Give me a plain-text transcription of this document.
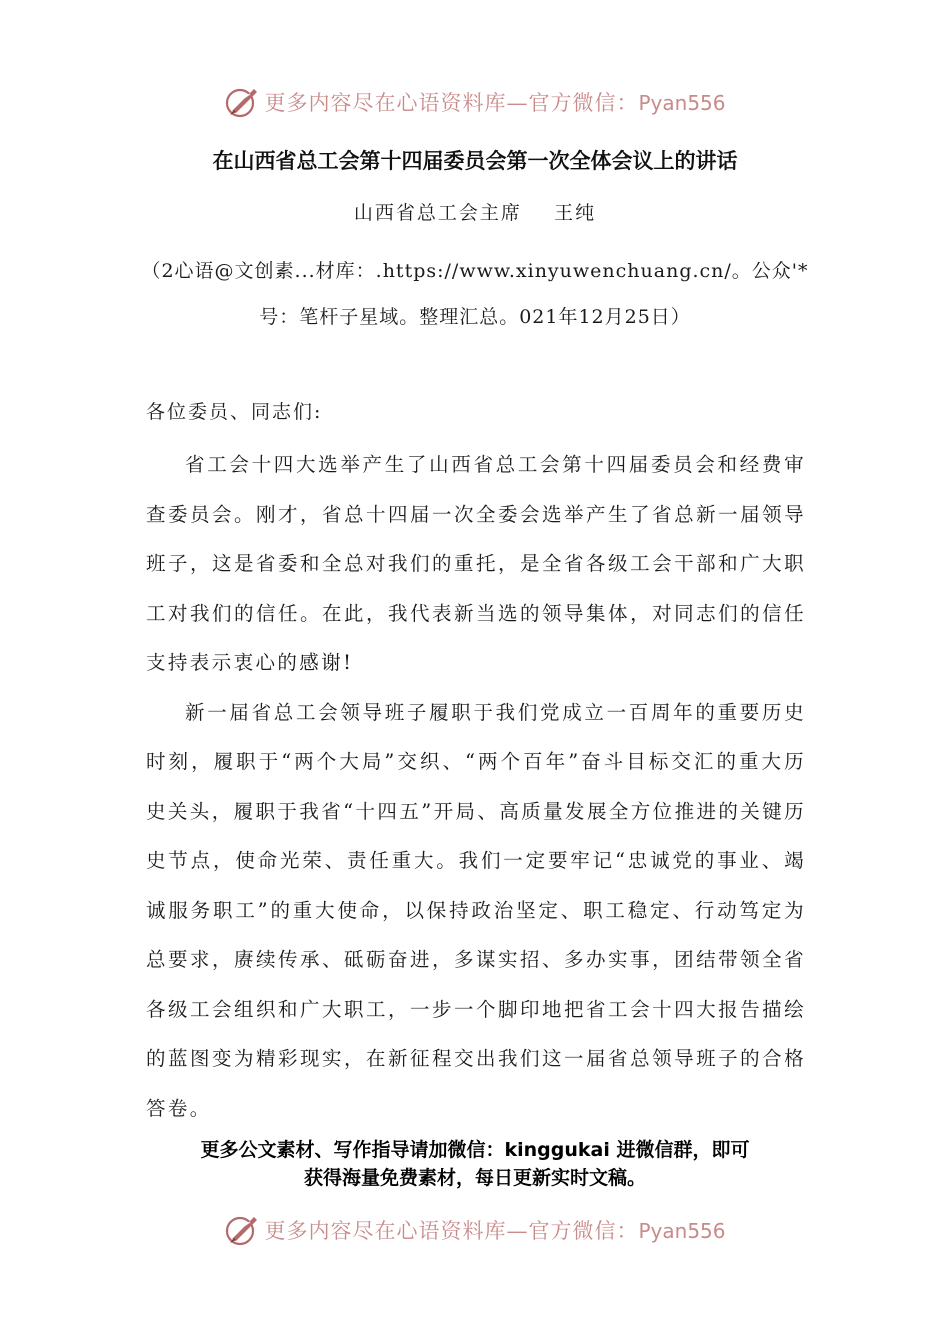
更多内容尽在心语资料库—官方微信：Pyan556
在山西省总工会第十四届委员会第一次全体会议上的讲话
山西省总工会主席    王纯
（2心语@文创素...材库：.https://www.xinyuwenchuang.cn/。公众'*
号：笔杆子星域。整理汇总。021年12月25日）
各位委员、同志们:

省工会十四大选举产生了山西省总工会第十四届委员会和经费审查委员会。刚才，省总十四届一次全委会选举产生了省总新一届领导班子，这是省委和全总对我们的重托，是全省各级工会干部和广大职工对我们的信任。在此，我代表新当选的领导集体，对同志们的信任支持表示衷心的感谢!

新一届省总工会领导班子履职于我们党成立一百周年的重要历史时刻，履职于“两个大局”交织、“两个百年”奋斗目标交汇的重大历史关头，履职于我省“十四五”开局、高质量发展全方位推进的关键历史节点，使命光荣、责任重大。我们一定要牢记“忠诚党的事业、竭诚服务职工”的重大使命，以保持政治坚定、职工稳定、行动笃定为总要求，赓续传承、砥砺奋进，多谋实招、多办实事，团结带领全省各级工会组织和广大职工，一步一个脚印地把省工会十四大报告描绘的蓝图变为精彩现实，在新征程交出我们这一届省总领导班子的合格答卷。

更多公文素材、写作指导请加微信：kinggukai 进微信群，即可
获得海量免费素材，每日更新实时文稿。
更多内容尽在心语资料库—官方微信：Pyan556
